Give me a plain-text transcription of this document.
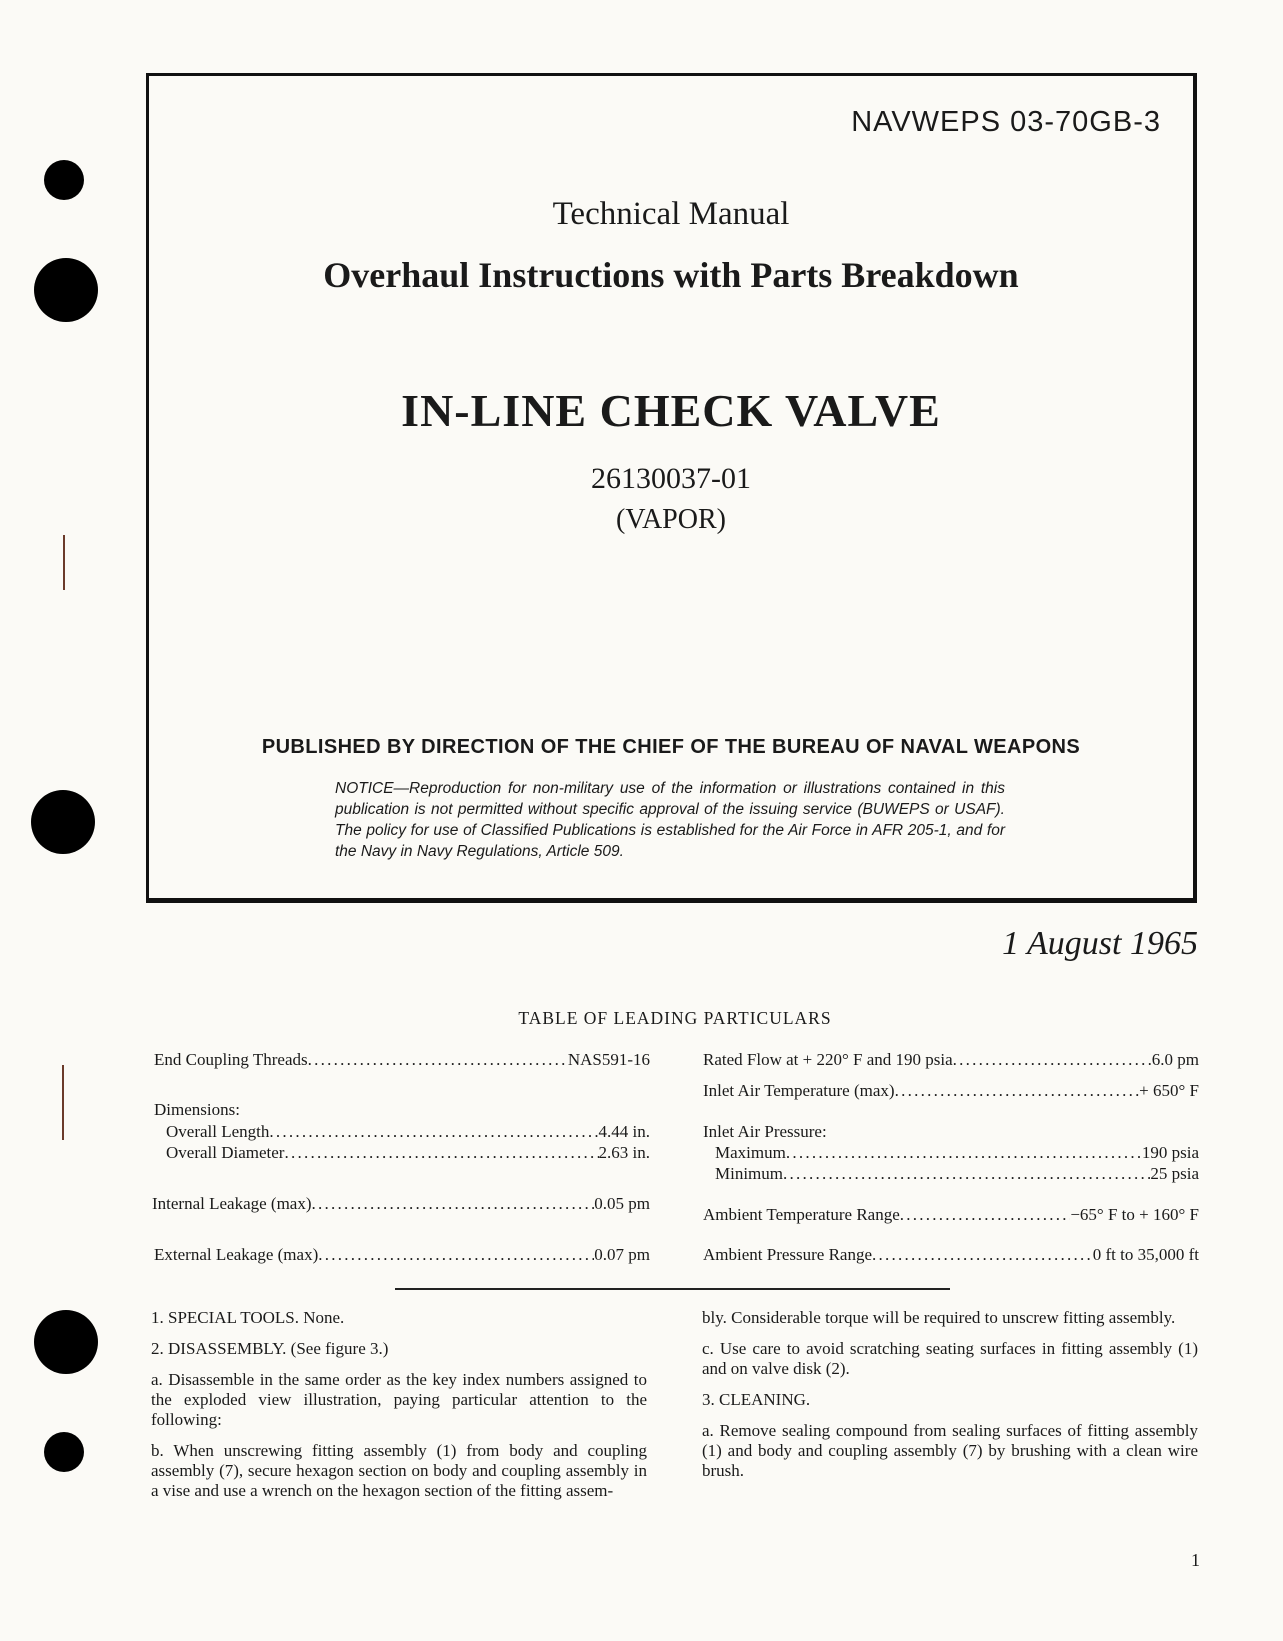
NAVWEPS 03-70GB-3
Technical Manual
Overhaul Instructions with Parts Breakdown
IN-LINE CHECK VALVE
26130037-01
(VAPOR)
PUBLISHED BY DIRECTION OF THE CHIEF OF THE BUREAU OF NAVAL WEAPONS
NOTICE—Reproduction for non-military use of the information or illustrations contained in this publication is not permitted without specific approval of the issuing service (BUWEPS or USAF). The policy for use of Classified Publications is established for the Air Force in AFR 205-1, and for the Navy in Navy Regulations, Article 509.
1 August 1965
TABLE OF LEADING PARTICULARS
End Coupling Threads . . .	NAS591-16
Dimensions:
Overall Length . . .	4.44 in.
Overall Diameter . . .	2.63 in.
Internal Leakage (max) . . .	0.05 pm
External Leakage (max) . . .	0.07 pm
Rated Flow at + 220° F and 190 psia . . .	6.0 pm
Inlet Air Temperature (max) . . .	+ 650° F
Inlet Air Pressure:
Maximum . . .	190 psia
Minimum . . .	25 psia
Ambient Temperature Range . . .	−65° F to + 160° F
Ambient Pressure Range . . .	0 ft to 35,000 ft

1. SPECIAL TOOLS. None.

2. DISASSEMBLY. (See figure 3.)

a. Disassemble in the same order as the key index numbers assigned to the exploded view illustration, paying particular attention to the following:

b. When unscrewing fitting assembly (1) from body and coupling assembly (7), secure hexagon section on body and coupling assembly in a vise and use a wrench on the hexagon section of the fitting assem-

bly. Considerable torque will be required to unscrew fitting assembly.

c. Use care to avoid scratching seating surfaces in fitting assembly (1) and on valve disk (2).

3. CLEANING.

a. Remove sealing compound from sealing surfaces of fitting assembly (1) and body and coupling assembly (7) by brushing with a clean wire brush.

1
